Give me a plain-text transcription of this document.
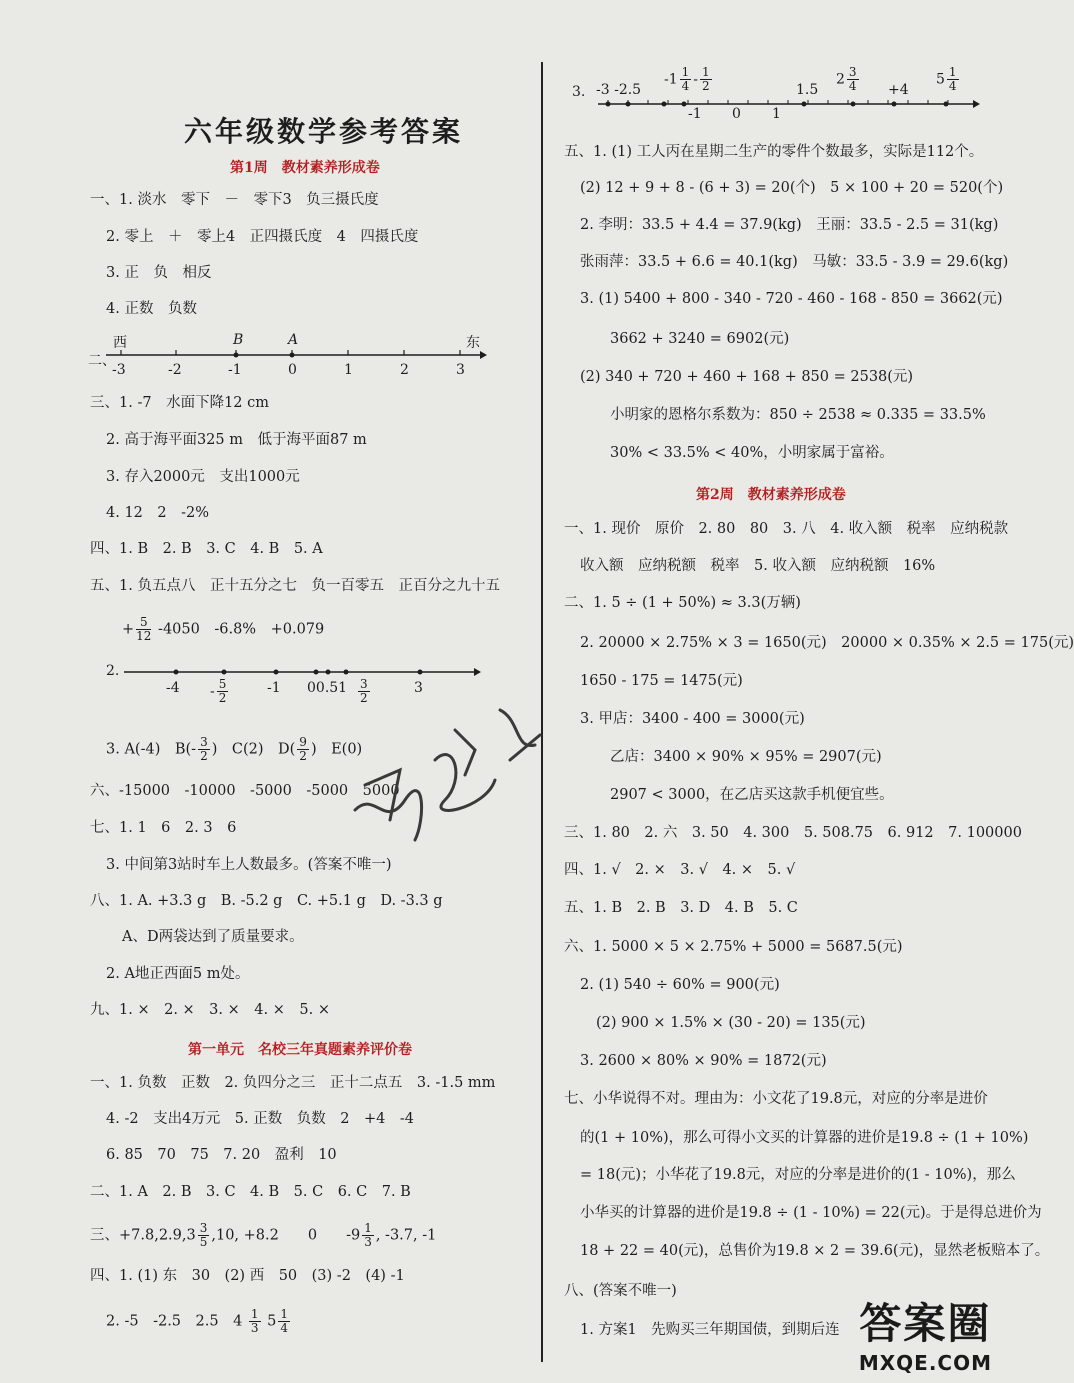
六年级数学参考答案
第1周　教材素养形成卷
一、1. 淡水　零下　－　零下3　负三摄氏度
2. 零上　＋　零上4　正四摄氏度　4　四摄氏度
3. 正　负　相反
4. 正数　负数
二、
西	东
B	A
-3	-2	-1	0	1	2	3
三、1. -7　水面下降12 cm
2. 高于海平面325 m　低于海平面87 m
3. 存入2000元　支出1000元
4. 12　2　-2%
四、1. B　2. B　3. C　4. B　5. A
五、1. 负五点八　正十五分之七　负一百零五　正百分之九十五
+ $\frac{5}{12} -4050$　-6.8%　+0.079
2.
$-4 - \frac{5}{2}$	-1 $00.51 \frac{3}{2}$	3
3. A(-4)　$B(- \frac{3}{2}$ )　C(2)　$D( \frac{9}{2}$ )　E(0)
六、-15000　-10000　-5000　-5000　5000
七、1. 1　6　2. 3　6
3. 中间第3站时车上人数最多。(答案不唯一)
八、1. A. +3.3 g　B. -5.2 g　C. +5.1 g　D. -3.3 g
A、D两袋达到了质量要求。
2. A地正西面5 m处。
九、1. ×　2. ×　3. ×　4. ×　5. ×
第一单元　名校三年真题素养评价卷
一、1. 负数　正数　2. 负四分之三　正十二点五　3. -1.5 mm
4. -2　支出4万元　5. 正数　负数　2　+4　-4
6. 85　70　75　7. 20　盈利　10
二、1. A　2. B　3. C　4. B　5. C　6. C　7. B
三、$+7.8,2.9,3 \frac{3}{5} ,10$, +8.2　　0　　$-9 \frac{1}{3}$ , -3.7, -1
四、1. (1) 东　30　(2) 西　50　(3) -2　(4) -1
2. -5　-2.5　2.5　$4 \frac{1}{3} 5 \frac{1}{4}$
3. -3 -2.5
$-1 \frac{1}{4} - \frac{1}{2}$	1.5
$2 \frac{3}{4} +4$
$5 \frac{1}{4}$
-1 0 1
五、1. (1) 工人丙在星期二生产的零件个数最多，实际是112个。
(2) 12 + 9 + 8 - (6 + 3) = 20(个)　5 × 100 + 20 = 520(个)
2. 李明：33.5 + 4.4 = 37.9(kg)　王丽：33.5 - 2.5 = 31(kg)
张雨萍：33.5 + 6.6 = 40.1(kg)　马敏：33.5 - 3.9 = 29.6(kg)
3. (1) 5400 + 800 - 340 - 720 - 460 - 168 - 850 = 3662(元)
3662 + 3240 = 6902(元)
(2) 340 + 720 + 460 + 168 + 850 = 2538(元)
小明家的恩格尔系数为：850 ÷ 2538 ≈ 0.335 = 33.5%
30% < 33.5% < 40%，小明家属于富裕。
第2周　教材素养形成卷
一、1. 现价　原价　2. 80　80　3. 八　4. 收入额　税率　应纳税款
收入额　应纳税额　税率　5. 收入额　应纳税额　16%
二、1. 5 ÷ (1 + 50%) ≈ 3.3(万辆)
2. 20000 × 2.75% × 3 = 1650(元)　20000 × 0.35% × 2.5 = 175(元)
1650 - 175 = 1475(元)
3. 甲店：3400 - 400 = 3000(元)
乙店：3400 × 90% × 95% = 2907(元)
2907 < 3000，在乙店买这款手机便宜些。
三、1. 80　2. 六　3. 50　4. 300　5. 508.75　6. 912　7. 100000
四、1. √　2. ×　3. √　4. ×　5. √
五、1. B　2. B　3. D　4. B　5. C
六、1. 5000 × 5 × 2.75% + 5000 = 5687.5(元)
2. (1) 540 ÷ 60% = 900(元)
(2) 900 × 1.5% × (30 - 20) = 135(元)
3. 2600 × 80% × 90% = 1872(元)
七、小华说得不对。理由为：小文花了19.8元，对应的分率是进价
的(1 + 10%)，那么可得小文买的计算器的进价是19.8 ÷ (1 + 10%)
= 18(元)；小华花了19.8元，对应的分率是进价的(1 - 10%)，那么
小华买的计算器的进价是19.8 ÷ (1 - 10%) = 22(元)。于是得总进价为
18 + 22 = 40(元)，总售价为19.8 × 2 = 39.6(元)，显然老板赔本了。
八、(答案不唯一)
1. 方案1　先购买三年期国债，到期后连 答案圈
MXQE.COM
